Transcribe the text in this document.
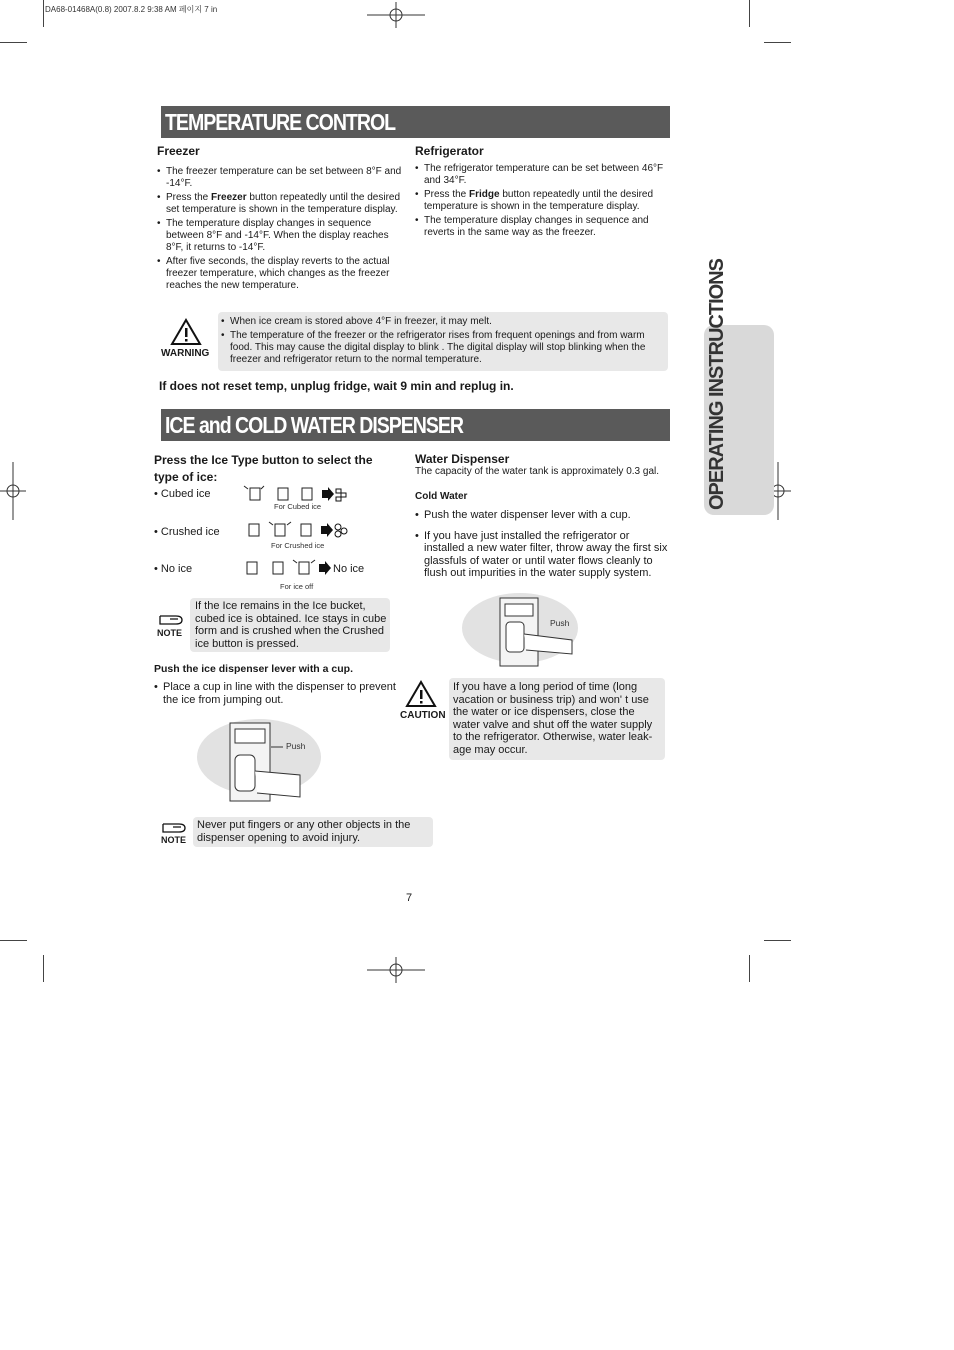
DA68-01468A(0.8) 2007.8.2 9:38 AM 페이지 7 in
OPERATING INSTRUCTIONS
TEMPERATURE CONTROL
Freezer
• The freezer temperature can be set between 8°F and -14°F.
• Press the Freezer button repeatedly until the desired set temperature is shown in the temperature display.
• The temperature display changes in sequence between 8°F and -14°F. When the display reaches 8°F, it returns to -14°F.
• After five seconds, the display reverts to the actual freezer temperature, which changes as the freezer reaches the new temperature.
Refrigerator
• The refrigerator temperature can be set between 46°F and 34°F.
• Press the Fridge button repeatedly until the desired temperature is shown in the temperature display.
• The temperature display changes in sequence and reverts in the same way as the freezer.
WARNING
• When ice cream is stored above 4°F in freezer, it may melt.
• The temperature of the freezer or the refrigerator rises from frequent openings and from warm food. This may cause the digital display to blink . The digital display will stop blinking when the freezer and refrigerator return to the normal temperature.
If does not reset temp, unplug fridge, wait 9 min and replug in.
ICE and COLD WATER DISPENSER
Press the Ice Type button to select the type of ice:
• Cubed ice
For Cubed ice
• Crushed ice
For Crushed ice
• No ice	No ice
For ice off
NOTE
If the Ice remains in the Ice bucket, cubed ice is obtained. Ice stays in cube form and is crushed when the Crushed ice button is pressed.
Push the ice dispenser lever with a cup.
• Place a cup in line with the dispenser to prevent the ice from jumping out.
Push
NOTE
Never put fingers or any other objects in the dispenser opening to avoid injury.
Water Dispenser
The capacity of the water tank is approximately 0.3 gal.
Cold Water
• Push the water dispenser lever with a cup.
• If you have just installed the refrigerator or installed a new water filter, throw away the first six glassfuls of water or until water flows cleanly to flush out impurities in the water supply system.
Push
CAUTION
If you have a long period of time (long vacation or business trip) and won' t use the water or ice dispensers, close the water valve and shut off the water supply to the refrigerator. Otherwise, water leak-age may occur.
7
